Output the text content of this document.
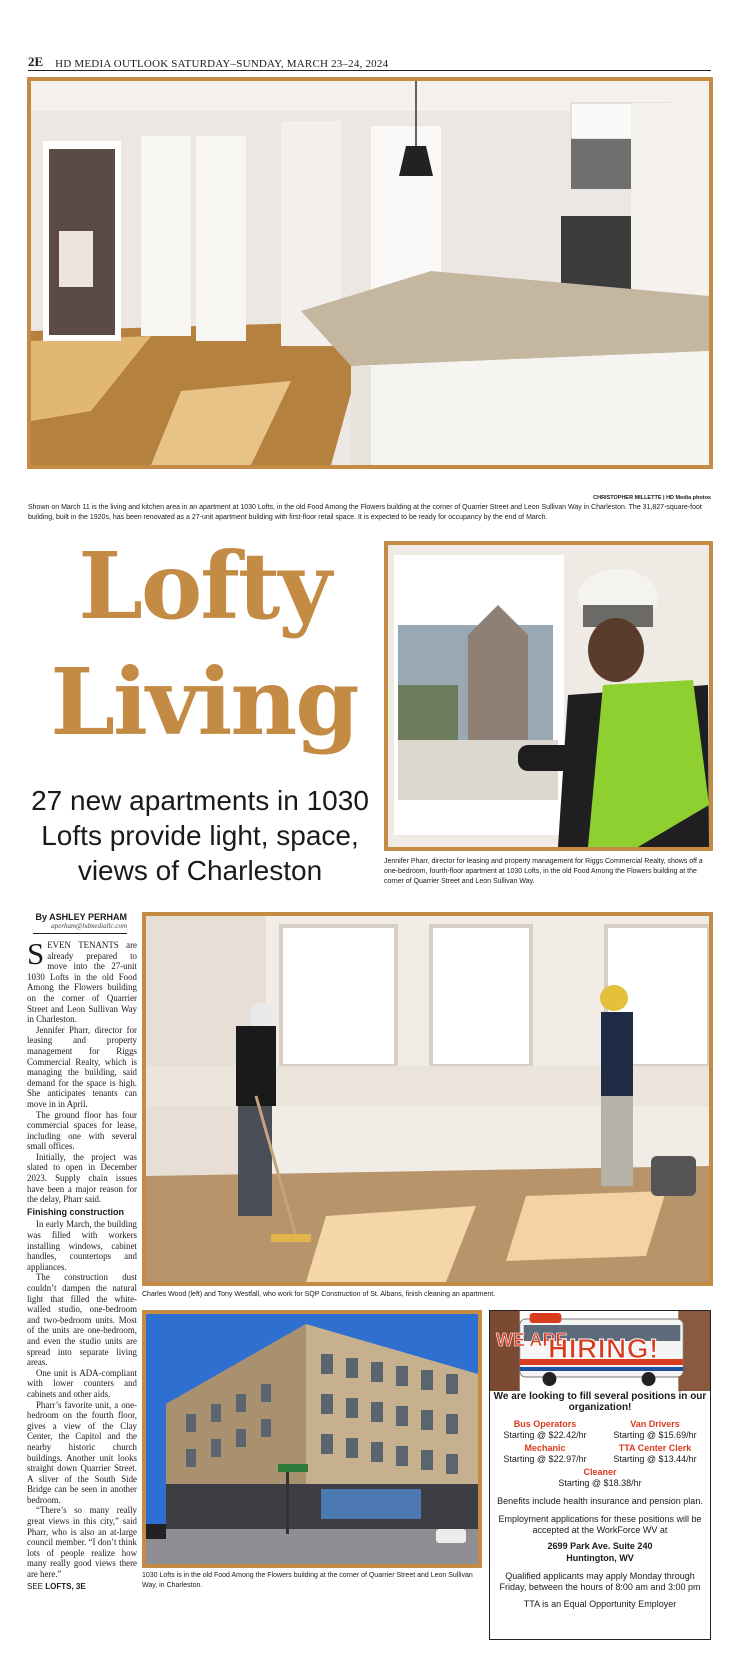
2E HD MEDIA OUTLOOK SATURDAY–SUNDAY, MARCH 23–24, 2024
CHRISTOPHER MILLETTE | HD Media photos
Shown on March 11 is the living and kitchen area in an apartment at 1030 Lofts, in the old Food Among the Flowers building at the corner of Quarrier Street and Leon Sullivan Way in Charleston. The 31,827-square-foot building, built in the 1920s, has been renovated as a 27-unit apartment building with first-floor retail space. It is expected to be ready for occupancy by the end of March.
Lofty
Living
27 new apartments in 1030 Lofts provide light, space, views of Charleston	Jennifer Pharr, director for leasing and property management for Riggs Commercial Realty, shows off a one-bedroom, fourth-floor apartment at 1030 Lofts, in the old Food Among the Flowers building at the corner of Quarrier Street and Leon Sullivan Way.
By ASHLEY PERHAM
aperham@hdmediallc.com

SEVEN TENANTS are already prepared to move into the 27-unit 1030 Lofts in the old Food Among the Flowers building on the corner of Quarrier Street and Leon Sullivan Way in Charleston.

Jennifer Pharr, director for leasing and property management for Riggs Commercial Realty, which is managing the building, said demand for the space is high. She anticipates tenants can move in in April.

The ground floor has four commercial spaces for lease, including one with several small offices.

Initially, the project was slated to open in December 2023. Supply chain issues have been a major reason for the delay, Pharr said.

Finishing construction

In early March, the building was filled with workers installing windows, cabinet handles, countertops and appliances.

The construction dust couldn’t dampen the natural light that filled the white-walled studio, one-bedroom and two-bedroom units. Most of the units are one-bedroom, and even the studio units are spread into separate living areas.

One unit is ADA-compliant with lower counters and cabinets and other aids.

Pharr’s favorite unit, a one-bedroom on the fourth floor, gives a view of the Clay Center, the Capitol and the nearby historic church buildings. Another unit looks straight down Quarrier Street. A sliver of the South Side Bridge can be seen in another bedroom.

“There’s so many really great views in this city,” said Pharr, who is also an at-large council member. “I don’t think lots of people realize how many really good views there are here.”

SEE LOFTS, 3E
Charles Wood (left) and Tony Westfall, who work for SQP Construction of St. Albans, finish cleaning an apartment.
1030 Lofts is in the old Food Among the Flowers building at the corner of Quarrier Street and Leon Sullivan Way, in Charleston.
WE ARE
HIRING!
We are looking to fill several positions in our organization!
Bus Operators
Starting @ $22.42/hr
Van Drivers
Starting @ $15.69/hr
Mechanic
Starting @ $22.97/hr
TTA Center Clerk
Starting @ $13.44/hr
Cleaner
Starting @ $18.38/hr
Benefits include health insurance and pension plan.
Employment applications for these positions will be accepted at the WorkForce WV at
2699 Park Ave. Suite 240
Huntington, WV
Qualified applicants may apply Monday through Friday, between the hours of 8:00 am and 3:00 pm
TTA is an Equal Opportunity Employer
